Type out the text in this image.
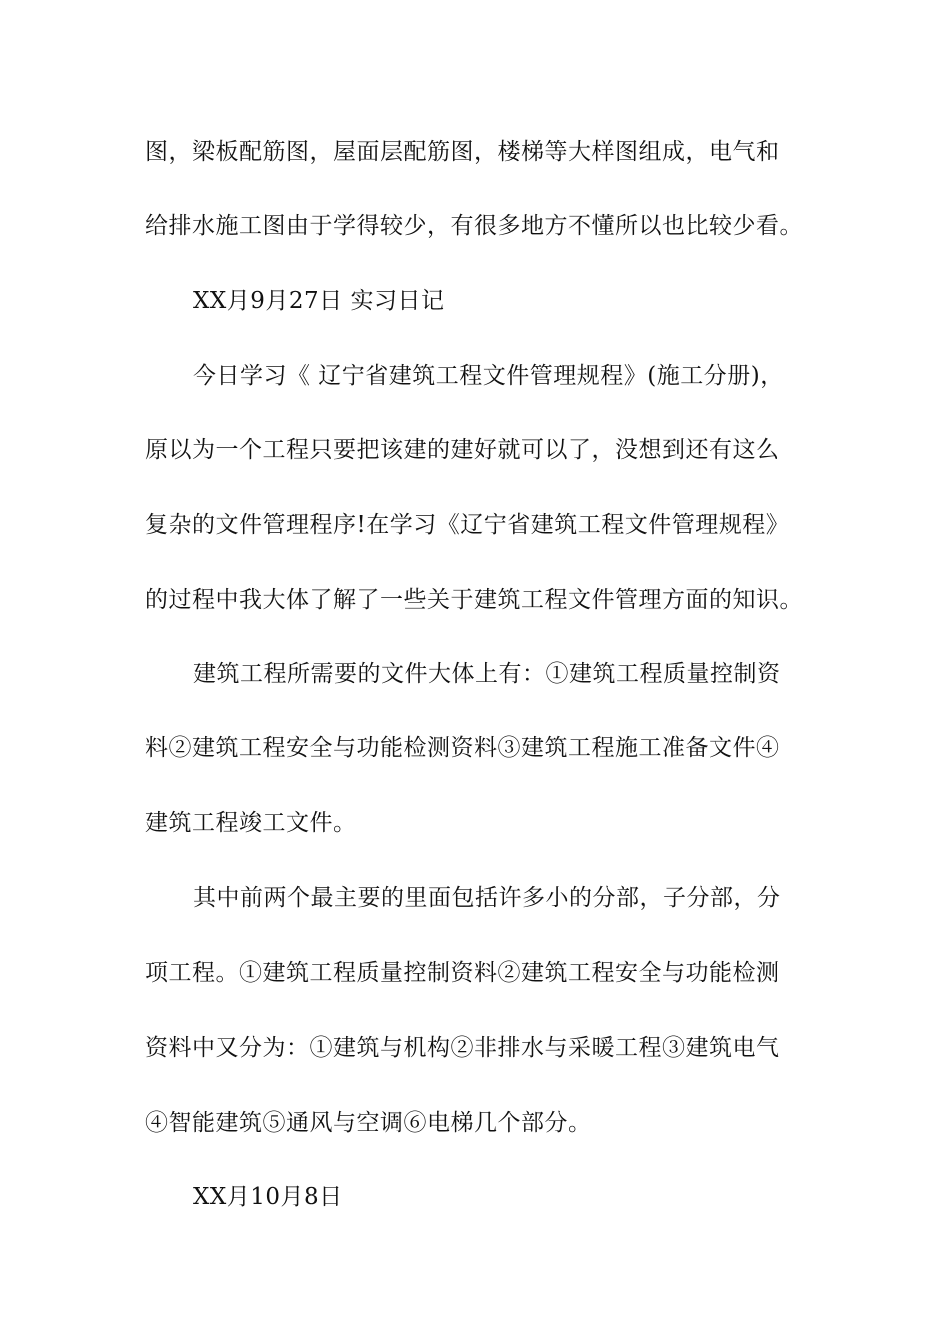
图，梁板配筋图，屋面层配筋图，楼梯等大样图组成，电气和
给排水施工图由于学得较少，有很多地方不懂所以也比较少看。
XX月9月27日 实习日记
今日学习《 辽宁省建筑工程文件管理规程》(施工分册)，
原以为一个工程只要把该建的建好就可以了，没想到还有这么
复杂的文件管理程序!在学习《辽宁省建筑工程文件管理规程》
的过程中我大体了解了一些关于建筑工程文件管理方面的知识。
建筑工程所需要的文件大体上有：①建筑工程质量控制资
料②建筑工程安全与功能检测资料③建筑工程施工准备文件④
建筑工程竣工文件。
其中前两个最主要的里面包括许多小的分部，子分部，分
项工程。①建筑工程质量控制资料②建筑工程安全与功能检测
资料中又分为：①建筑与机构②非排水与采暖工程③建筑电气
④智能建筑⑤通风与空调⑥电梯几个部分。
XX月10月8日
